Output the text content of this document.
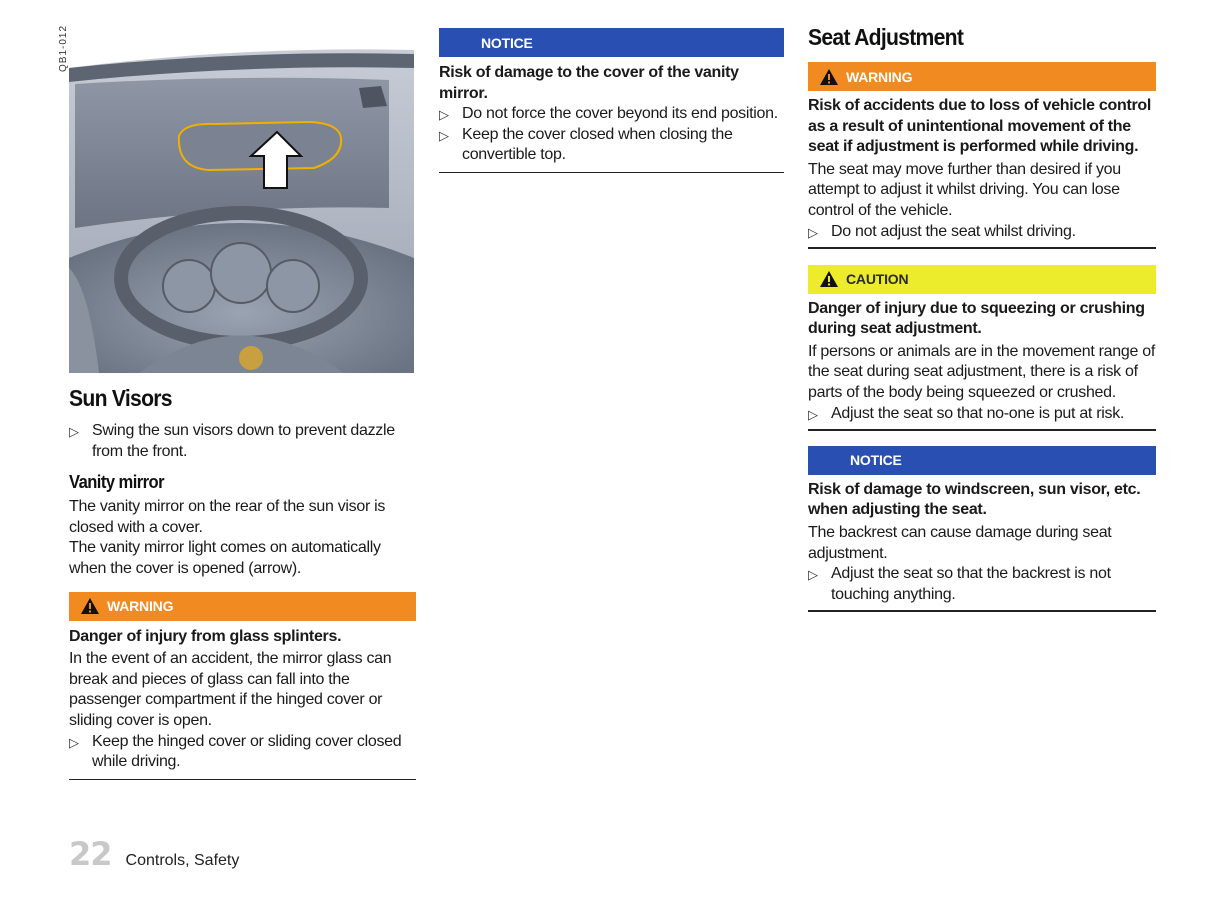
QB1-012
Sun Visors
▷ Swing the sun visors down to prevent dazzle from the front.
Vanity mirror

The vanity mirror on the rear of the sun visor is closed with a cover.

The vanity mirror light comes on automatically when the cover is opened (arrow).

WARNING

Danger of injury from glass splinters.

In the event of an accident, the mirror glass can break and pieces of glass can fall into the passenger compartment if the hinged cover or sliding cover is open.

▷ Keep the hinged cover or sliding cover closed while driving.
NOTICE

Risk of damage to the cover of the vanity mirror.

▷ Do not force the cover beyond its end position.
▷ Keep the cover closed when closing the convertible top.
Seat Adjustment
WARNING

Risk of accidents due to loss of vehicle control as a result of unintentional movement of the seat if adjustment is performed while driving.

The seat may move further than desired if you attempt to adjust it whilst driving. You can lose control of the vehicle.

▷ Do not adjust the seat whilst driving.
CAUTION

Danger of injury due to squeezing or crushing during seat adjustment.

If persons or animals are in the movement range of the seat during seat adjustment, there is a risk of parts of the body being squeezed or crushed.

▷ Adjust the seat so that no-one is put at risk.
NOTICE

Risk of damage to windscreen, sun visor, etc. when adjusting the seat.

The backrest can cause damage during seat adjustment.

▷ Adjust the seat so that the backrest is not touching anything.
22 Controls, Safety
